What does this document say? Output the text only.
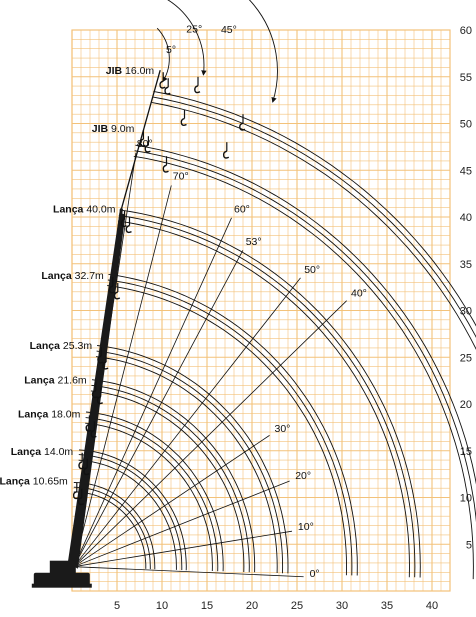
5	10	15	20	25	30	35	40
5
10
15
20
25
30
35
40
45
50
55
60
5°
25° 45°
Lança 10.65m
Lança 14.0m
Lança 18.0m
Lança 21.6m
Lança 25.3m
Lança 32.7m
Lança 40.0m
JIB 9.0m
JIB 16.0m
0°
10°
20°
30°
40°
50°
53°
60°
70°
80°
